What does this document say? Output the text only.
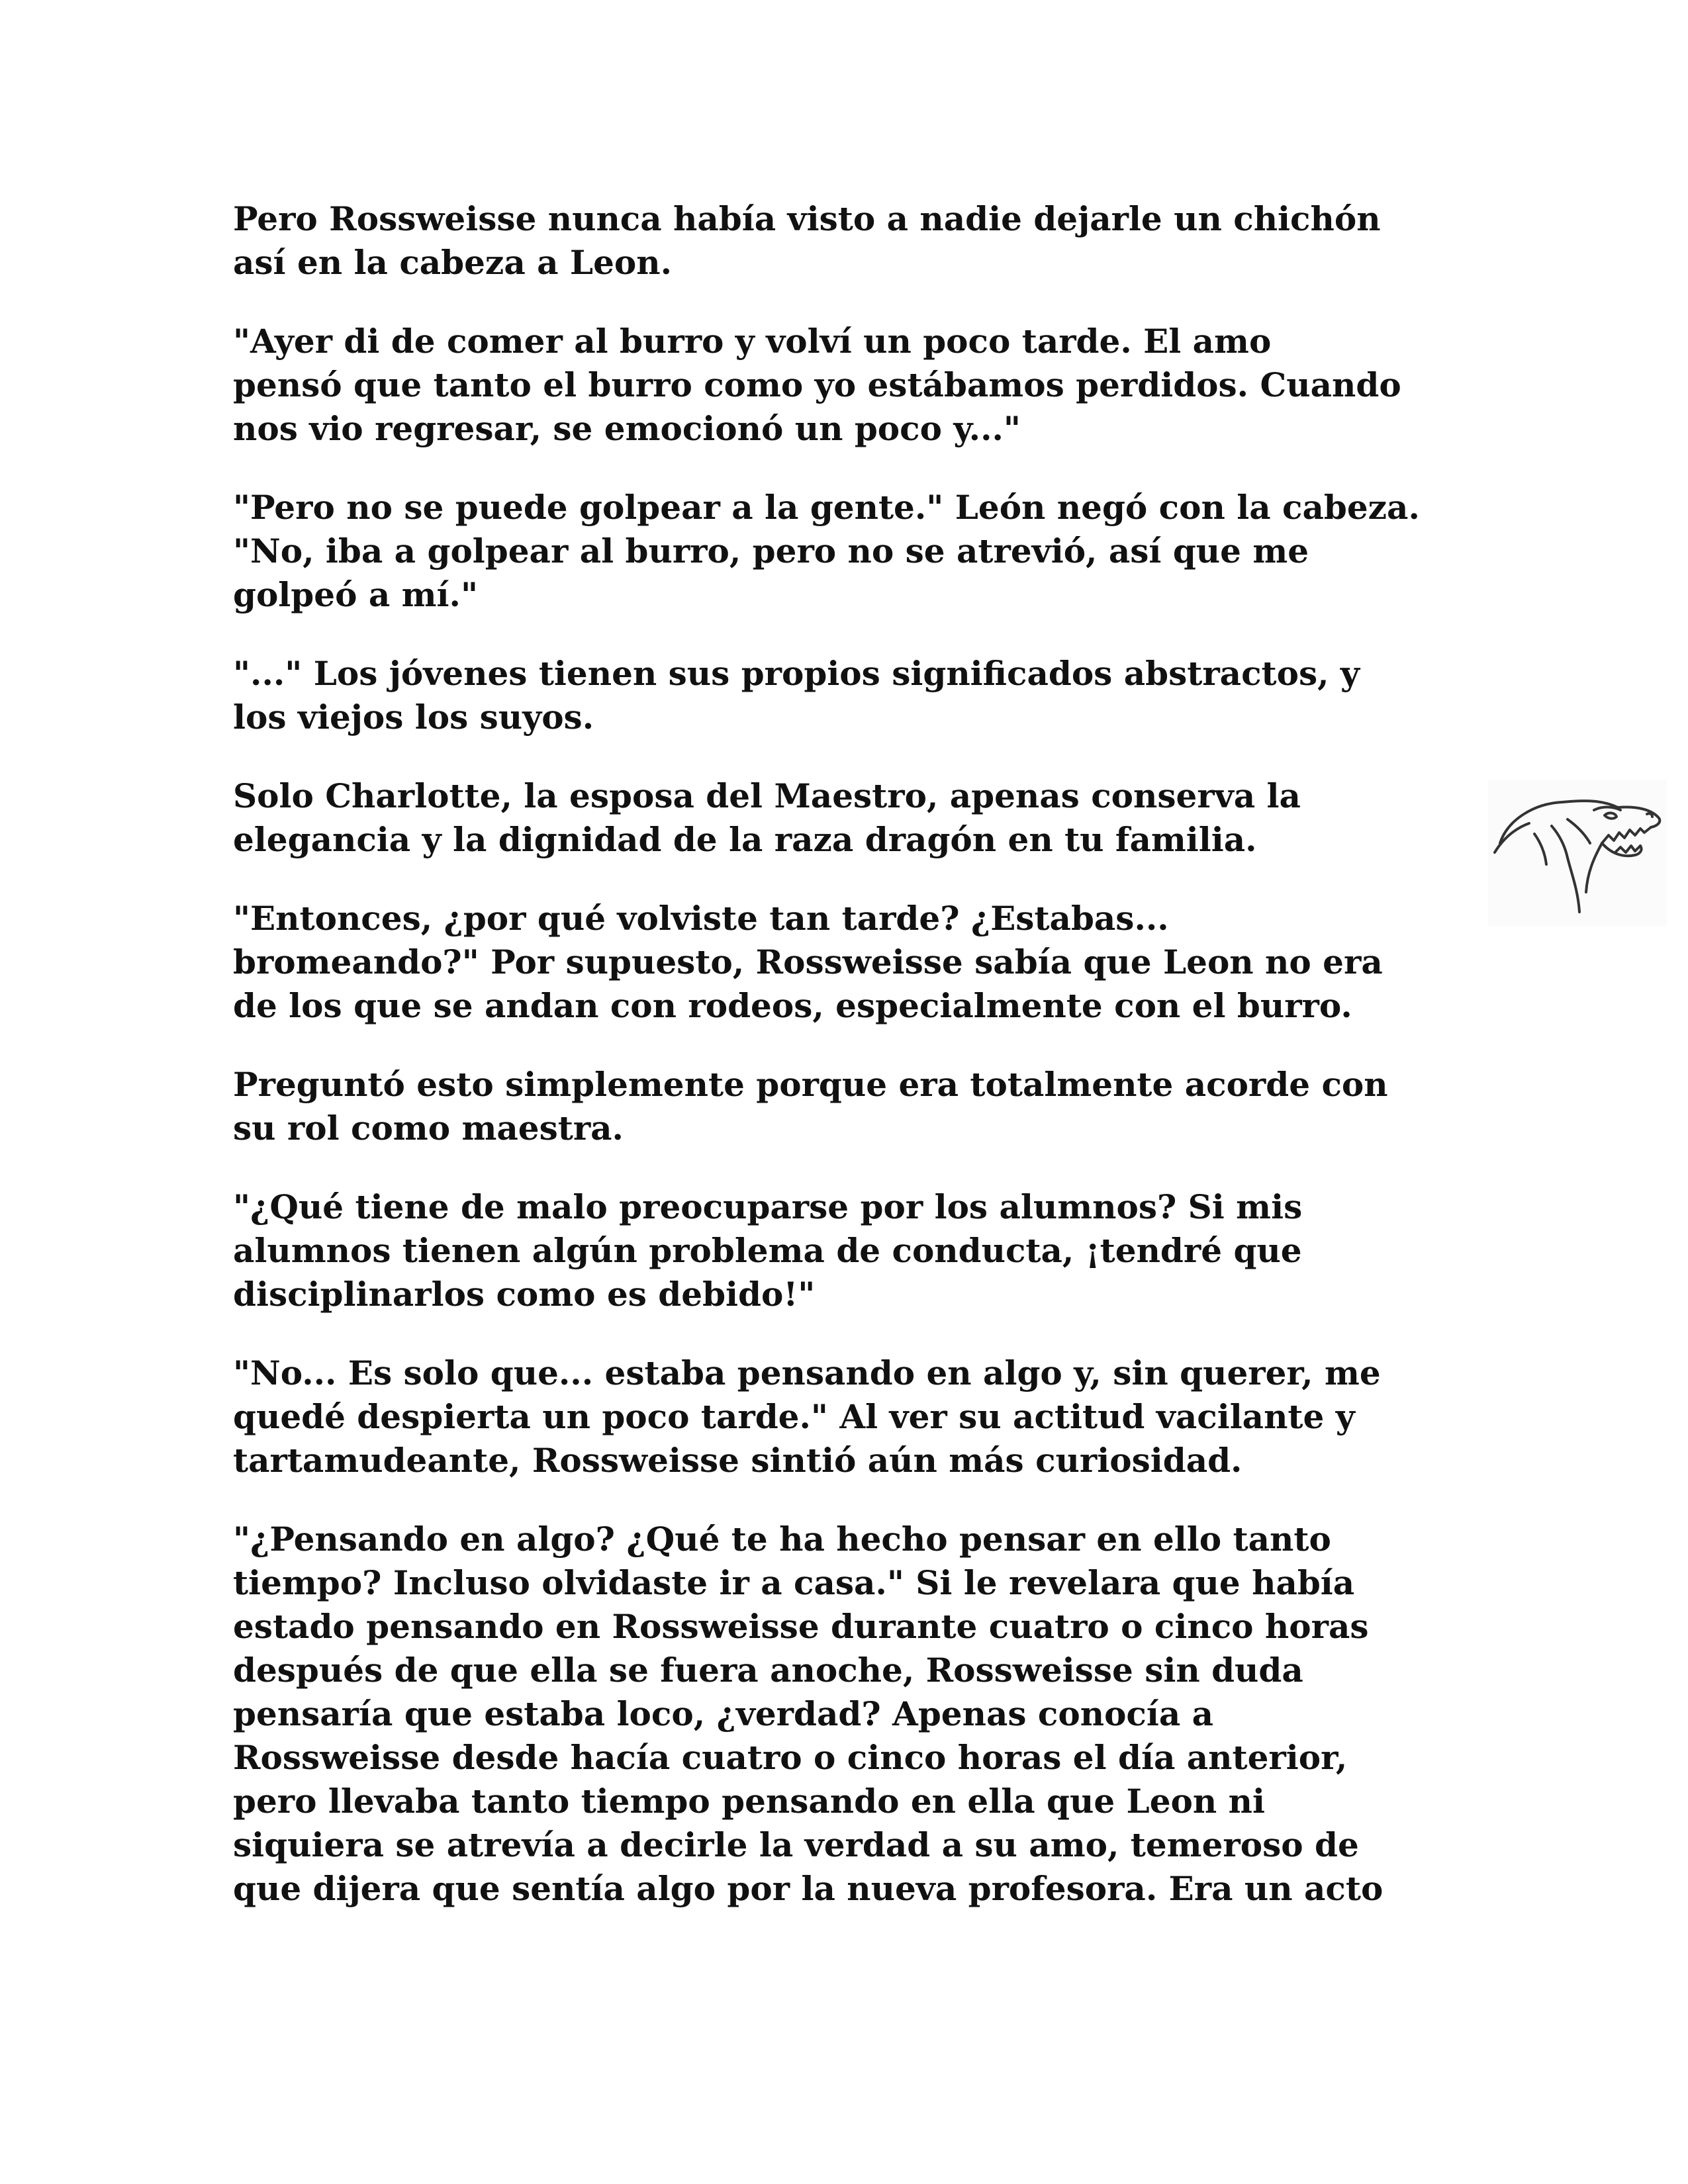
Pero Rossweisse nunca había visto a nadie dejarle un chichón
así en la cabeza a Leon.

"Ayer di de comer al burro y volví un poco tarde. El amo
pensó que tanto el burro como yo estábamos perdidos. Cuando
nos vio regresar, se emocionó un poco y..."

"Pero no se puede golpear a la gente." León negó con la cabeza.
"No, iba a golpear al burro, pero no se atrevió, así que me
golpeó a mí."

"..." Los jóvenes tienen sus propios significados abstractos, y
los viejos los suyos.

Solo Charlotte, la esposa del Maestro, apenas conserva la
elegancia y la dignidad de la raza dragón en tu familia.

"Entonces, ¿por qué volviste tan tarde? ¿Estabas...
bromeando?" Por supuesto, Rossweisse sabía que Leon no era
de los que se andan con rodeos, especialmente con el burro.

Preguntó esto simplemente porque era totalmente acorde con
su rol como maestra.

"¿Qué tiene de malo preocuparse por los alumnos? Si mis
alumnos tienen algún problema de conducta, ¡tendré que
disciplinarlos como es debido!"

"No... Es solo que... estaba pensando en algo y, sin querer, me
quedé despierta un poco tarde." Al ver su actitud vacilante y
tartamudeante, Rossweisse sintió aún más curiosidad.

"¿Pensando en algo? ¿Qué te ha hecho pensar en ello tanto
tiempo? Incluso olvidaste ir a casa." Si le revelara que había
estado pensando en Rossweisse durante cuatro o cinco horas
después de que ella se fuera anoche, Rossweisse sin duda
pensaría que estaba loco, ¿verdad? Apenas conocía a
Rossweisse desde hacía cuatro o cinco horas el día anterior,
pero llevaba tanto tiempo pensando en ella que Leon ni
siquiera se atrevía a decirle la verdad a su amo, temeroso de
que dijera que sentía algo por la nueva profesora. Era un acto
